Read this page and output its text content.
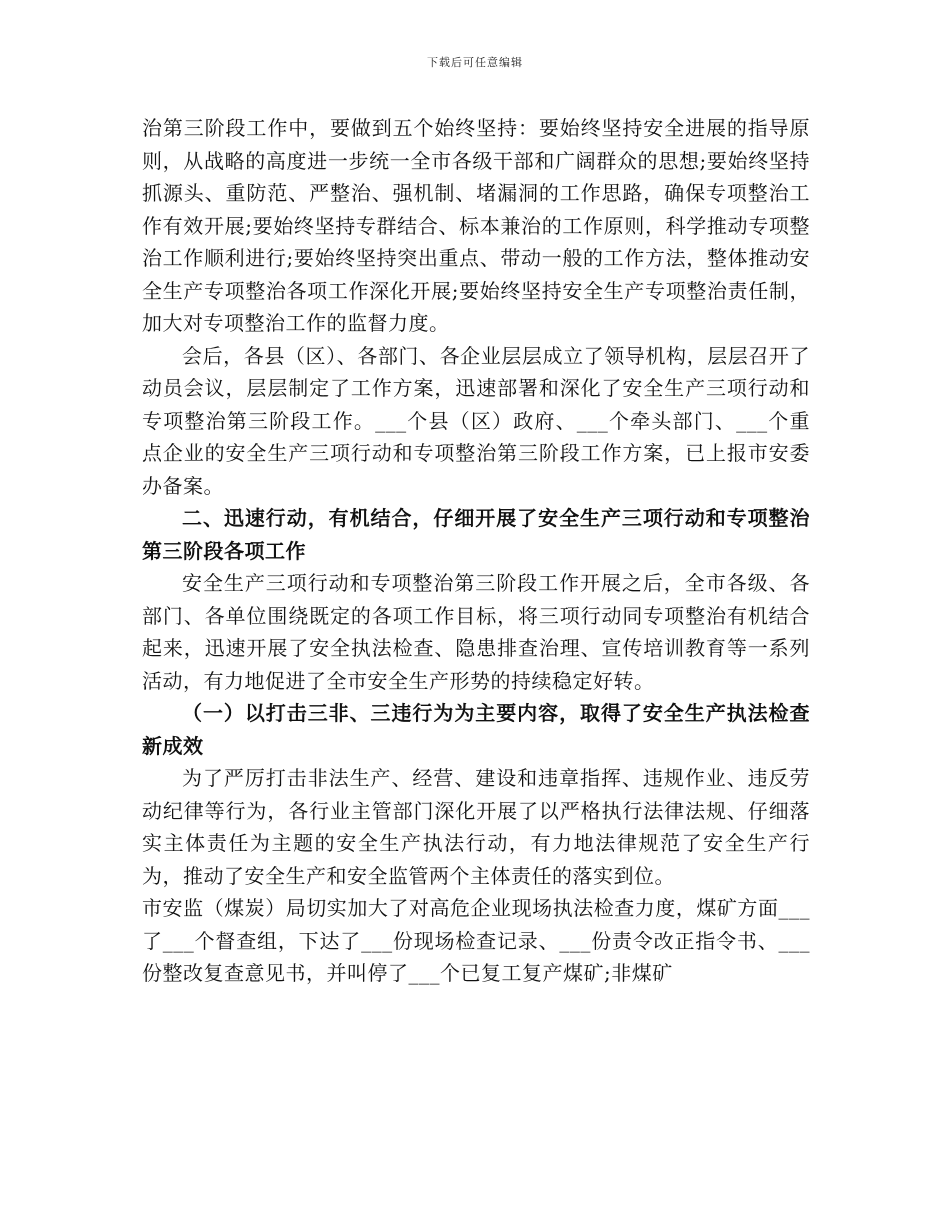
下载后可任意编辑

治第三阶段工作中，要做到五个始终坚持：要始终坚持安全进展的指导原则，从战略的高度进一步统一全市各级干部和广阔群众的思想;要始终坚持抓源头、重防范、严整治、强机制、堵漏洞的工作思路，确保专项整治工作有效开展;要始终坚持专群结合、标本兼治的工作原则，科学推动专项整治工作顺利进行;要始终坚持突出重点、带动一般的工作方法，整体推动安全生产专项整治各项工作深化开展;要始终坚持安全生产专项整治责任制，加大对专项整治工作的监督力度。

会后，各县（区）、各部门、各企业层层成立了领导机构，层层召开了动员会议，层层制定了工作方案，迅速部署和深化了安全生产三项行动和专项整治第三阶段工作。___个县（区）政府、___个牵头部门、___个重点企业的安全生产三项行动和专项整治第三阶段工作方案，已上报市安委办备案。

二、迅速行动，有机结合，仔细开展了安全生产三项行动和专项整治第三阶段各项工作

安全生产三项行动和专项整治第三阶段工作开展之后，全市各级、各部门、各单位围绕既定的各项工作目标，将三项行动同专项整治有机结合起来，迅速开展了安全执法检查、隐患排查治理、宣传培训教育等一系列活动，有力地促进了全市安全生产形势的持续稳定好转。

（一）以打击三非、三违行为为主要内容，取得了安全生产执法检查新成效

为了严厉打击非法生产、经营、建设和违章指挥、违规作业、违反劳动纪律等行为，各行业主管部门深化开展了以严格执行法律法规、仔细落实主体责任为主题的安全生产执法行动，有力地法律规范了安全生产行为，推动了安全生产和安全监管两个主体责任的落实到位。

市安监（煤炭）局切实加大了对高危企业现场执法检查力度，煤矿方面___了___个督查组，下达了___份现场检查记录、___份责令改正指令书、___份整改复查意见书，并叫停了___个已复工复产煤矿;非煤矿
